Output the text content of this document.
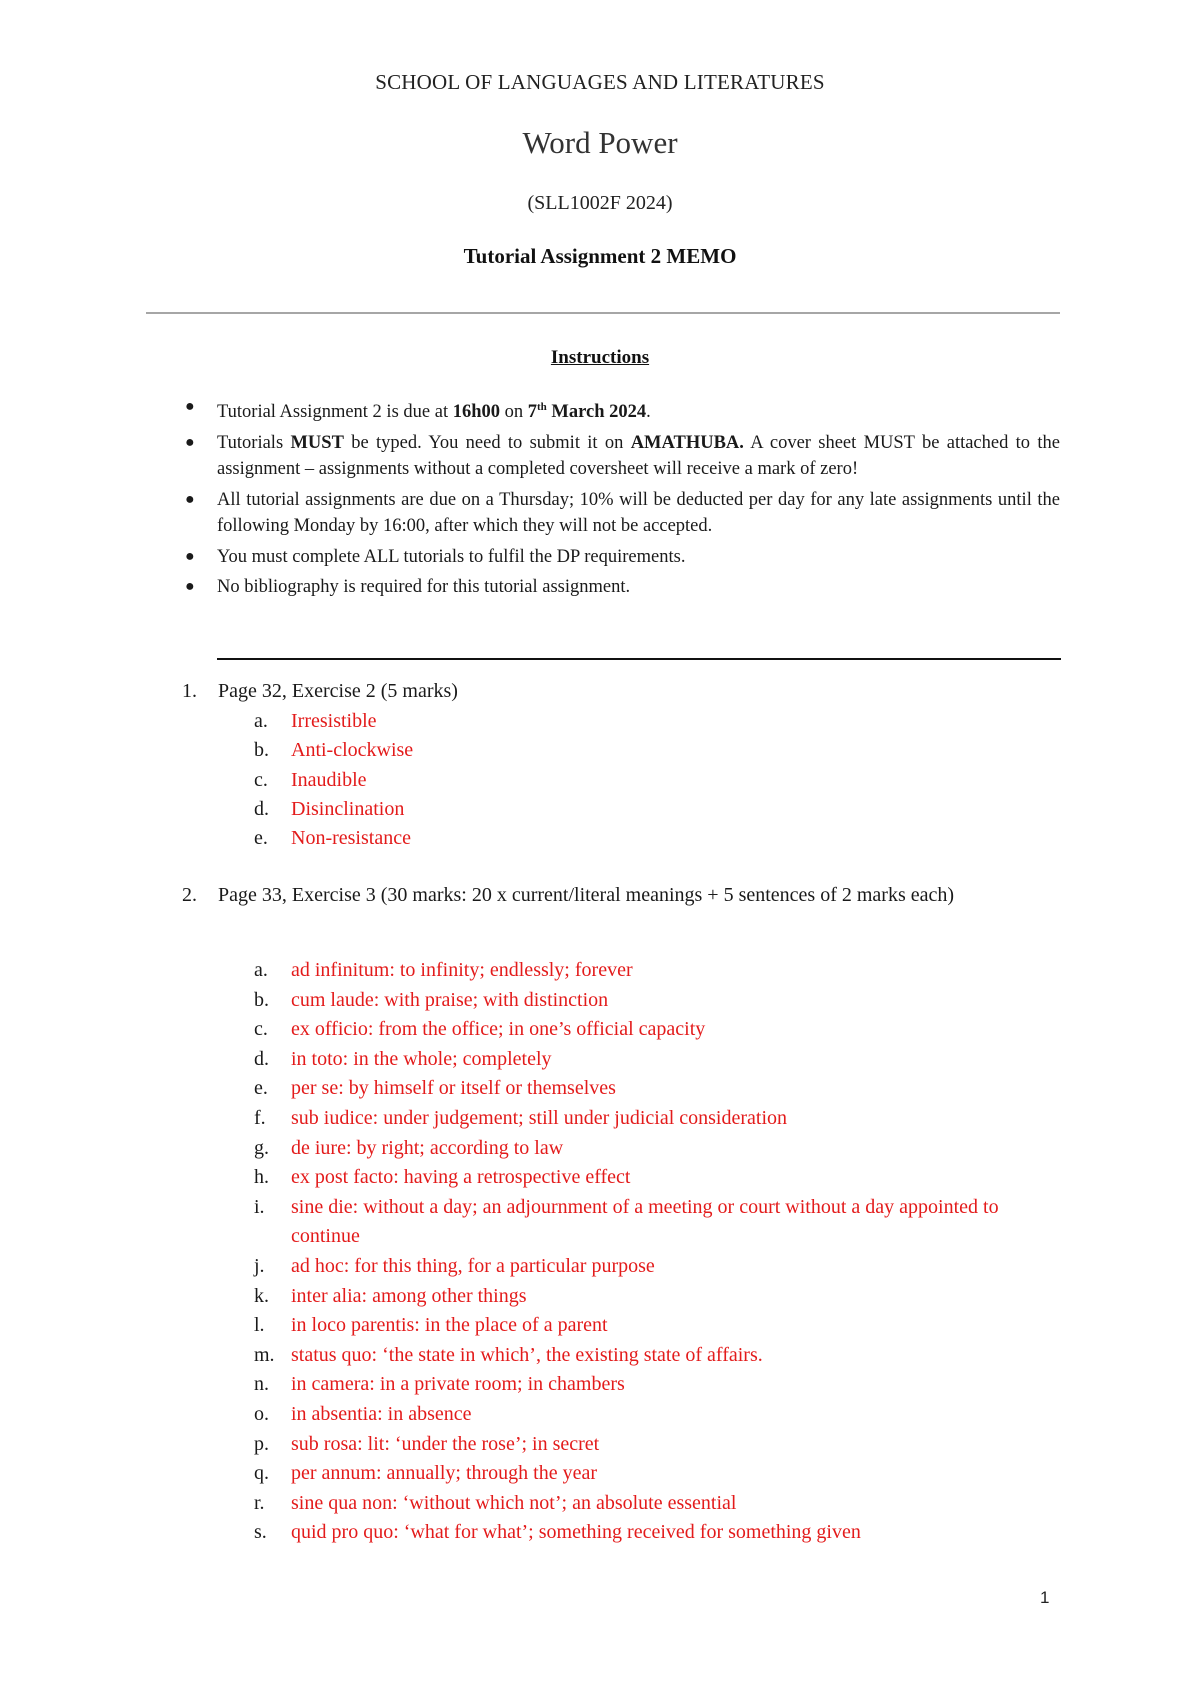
SCHOOL OF LANGUAGES AND LITERATURES
Word Power
(SLL1002F 2024)
Tutorial Assignment 2 MEMO
Instructions
● Tutorial Assignment 2 is due at 16h00 on 7th March 2024.
● Tutorials MUST be typed. You need to submit it on AMATHUBA. A cover sheet MUST be attached to the assignment – assignments without a completed coversheet will receive a mark of zero!
● All tutorial assignments are due on a Thursday; 10% will be deducted per day for any late assignments until the following Monday by 16:00, after which they will not be accepted.
● You must complete ALL tutorials to fulfil the DP requirements.
● No bibliography is required for this tutorial assignment.
1.	Page 32, Exercise 2 (5 marks)
a. Irresistible
b. Anti-clockwise
c. Inaudible
d. Disinclination
e. Non-resistance
2.	Page 33, Exercise 3 (30 marks: 20 x current/literal meanings + 5 sentences of 2 marks each)
a. ad infinitum: to infinity; endlessly; forever
b. cum laude: with praise; with distinction
c. ex officio: from the office; in one’s official capacity
d. in toto: in the whole; completely
e. per se: by himself or itself or themselves
f. sub iudice: under judgement; still under judicial consideration
g. de iure: by right; according to law
h. ex post facto: having a retrospective effect
i. sine die: without a day; an adjournment of a meeting or court without a day appointed to continue
j. ad hoc: for this thing, for a particular purpose
k. inter alia: among other things
l. in loco parentis: in the place of a parent
m. status quo: ‘the state in which’, the existing state of affairs.
n. in camera: in a private room; in chambers
o. in absentia: in absence
p. sub rosa: lit: ‘under the rose’; in secret
q. per annum: annually; through the year
r. sine qua non: ‘without which not’; an absolute essential
s. quid pro quo: ‘what for what’; something received for something given
1
